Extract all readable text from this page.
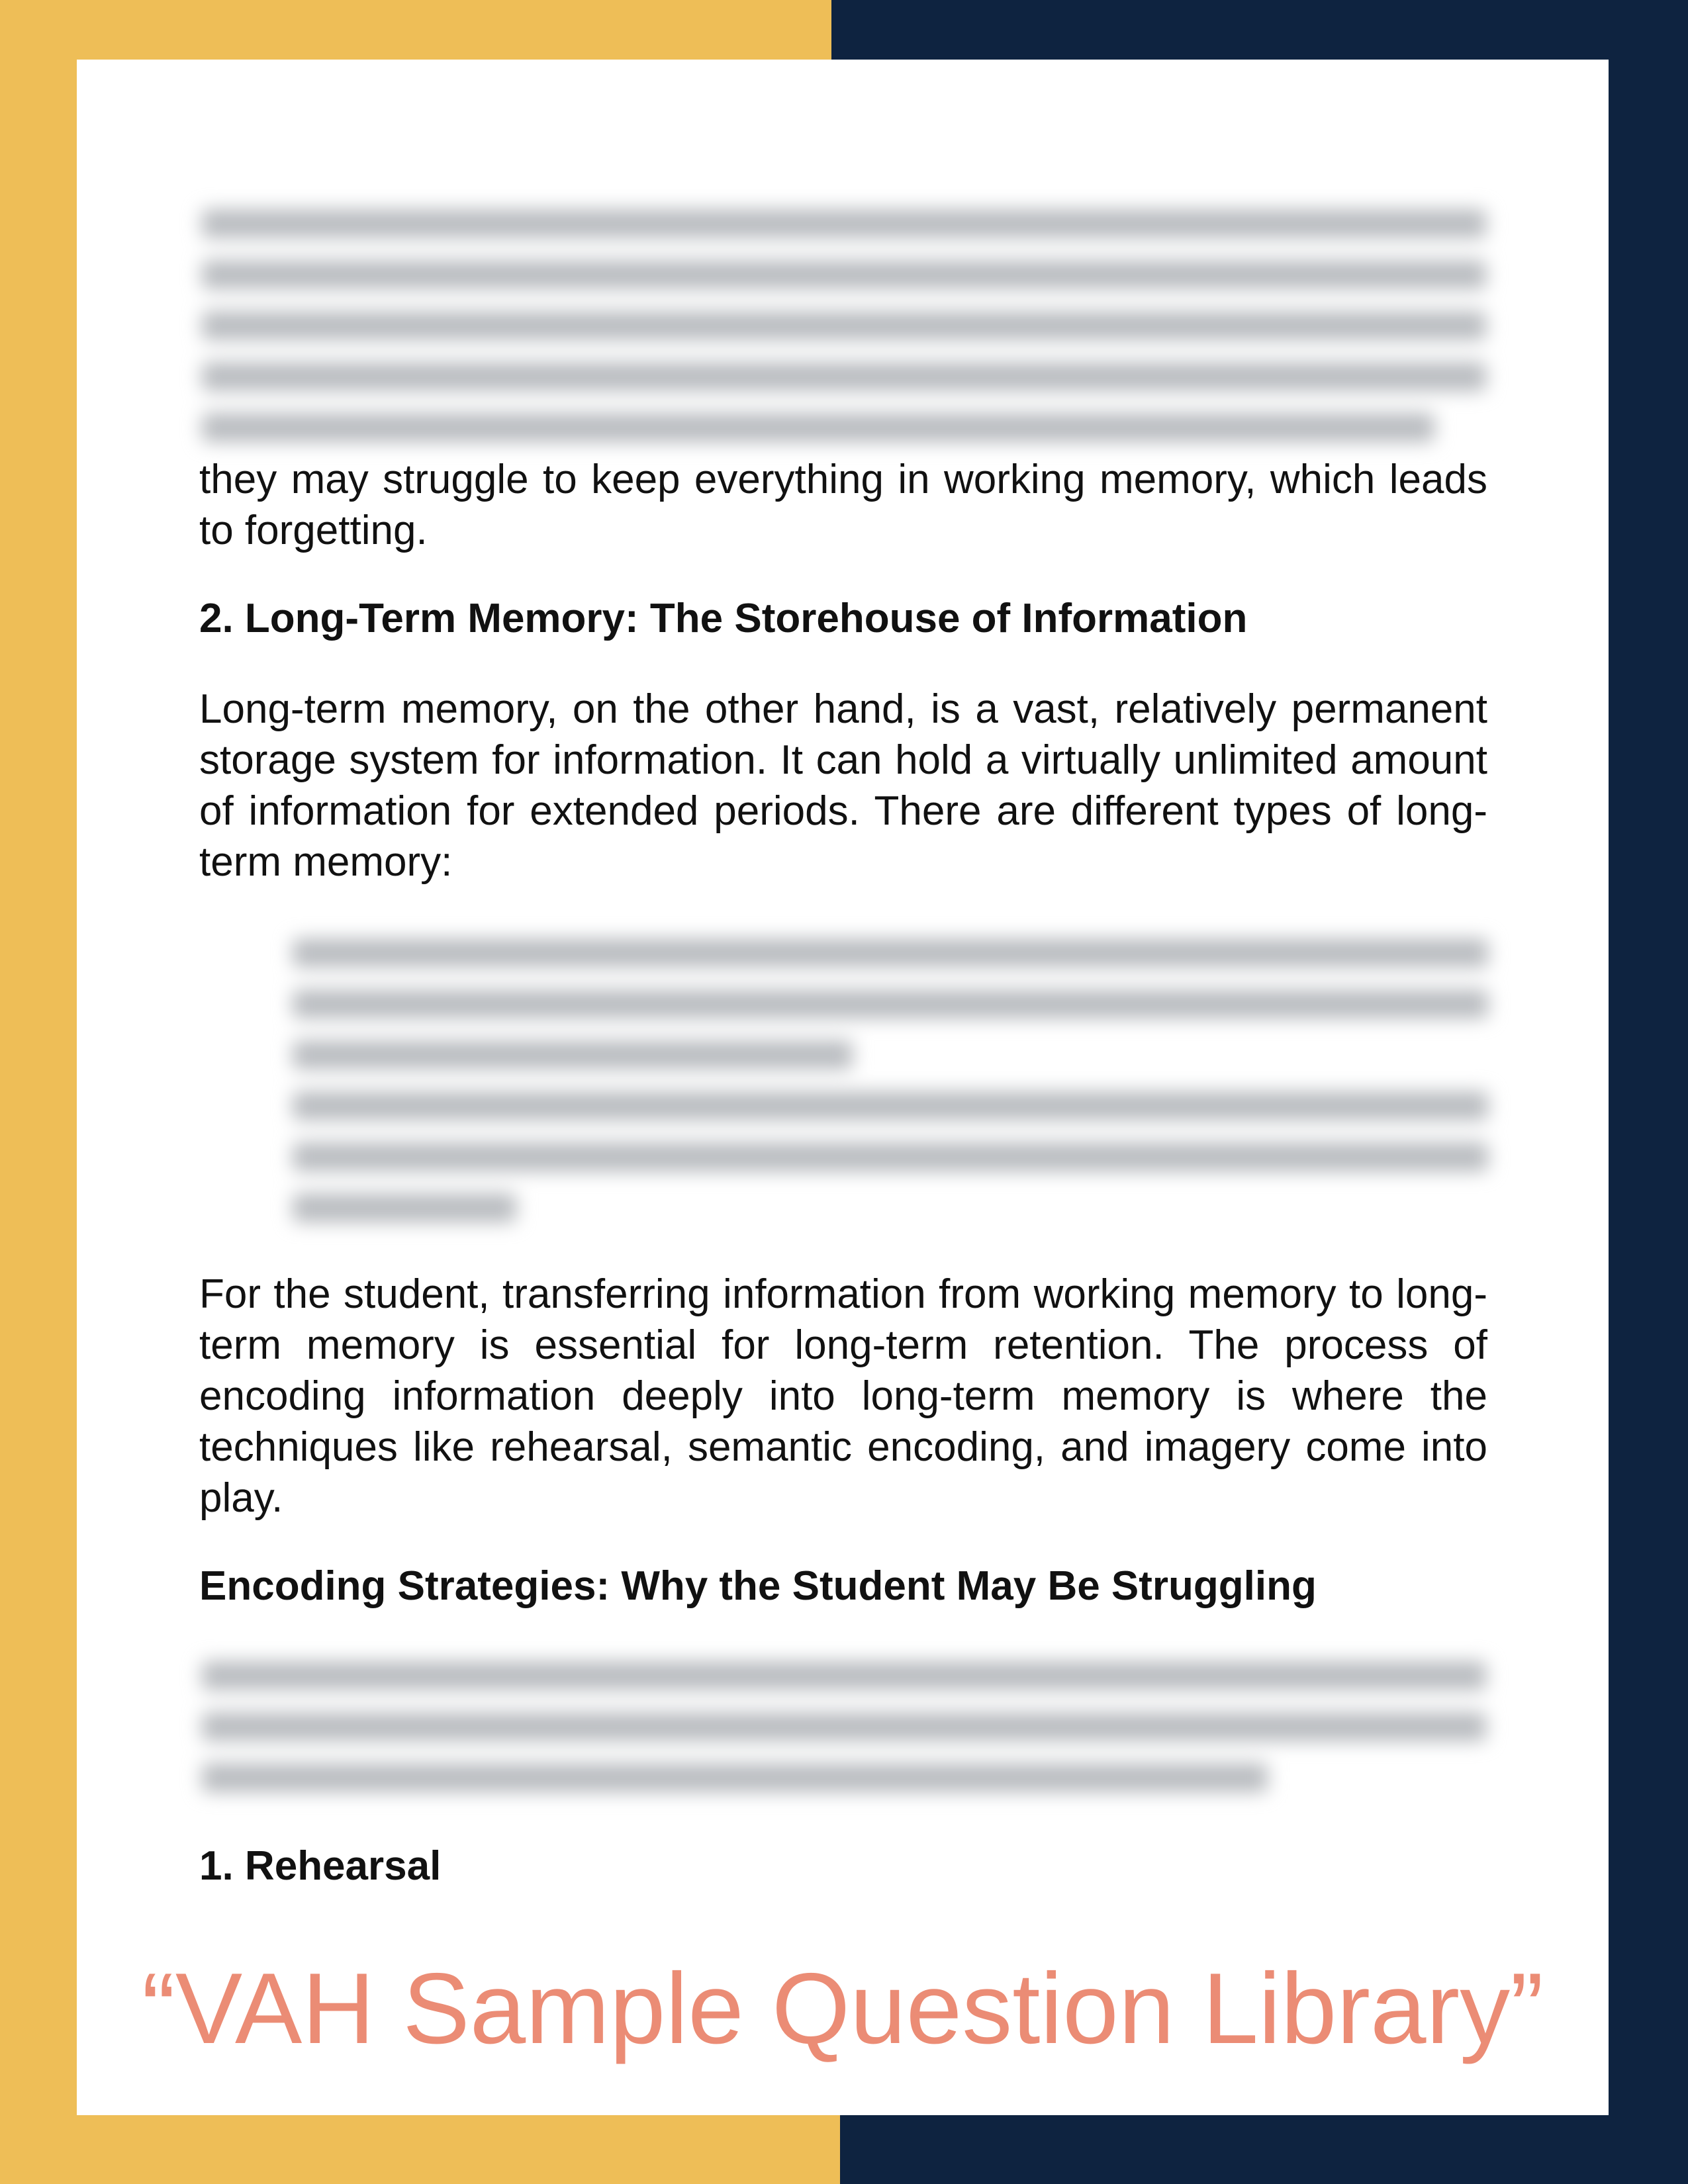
they may struggle to keep everything in working memory, which leads to forgetting.
2. Long-Term Memory: The Storehouse of Information
Long-term memory, on the other hand, is a vast, relatively permanent storage system for information. It can hold a virtually unlimited amount of information for extended periods. There are different types of long-term memory:
For the student, transferring information from working memory to long-term memory is essential for long-term retention. The process of encoding information deeply into long-term memory is where the techniques like rehearsal, semantic encoding, and imagery come into play.
Encoding Strategies: Why the Student May Be Struggling
1. Rehearsal
“VAH Sample Question Library”
